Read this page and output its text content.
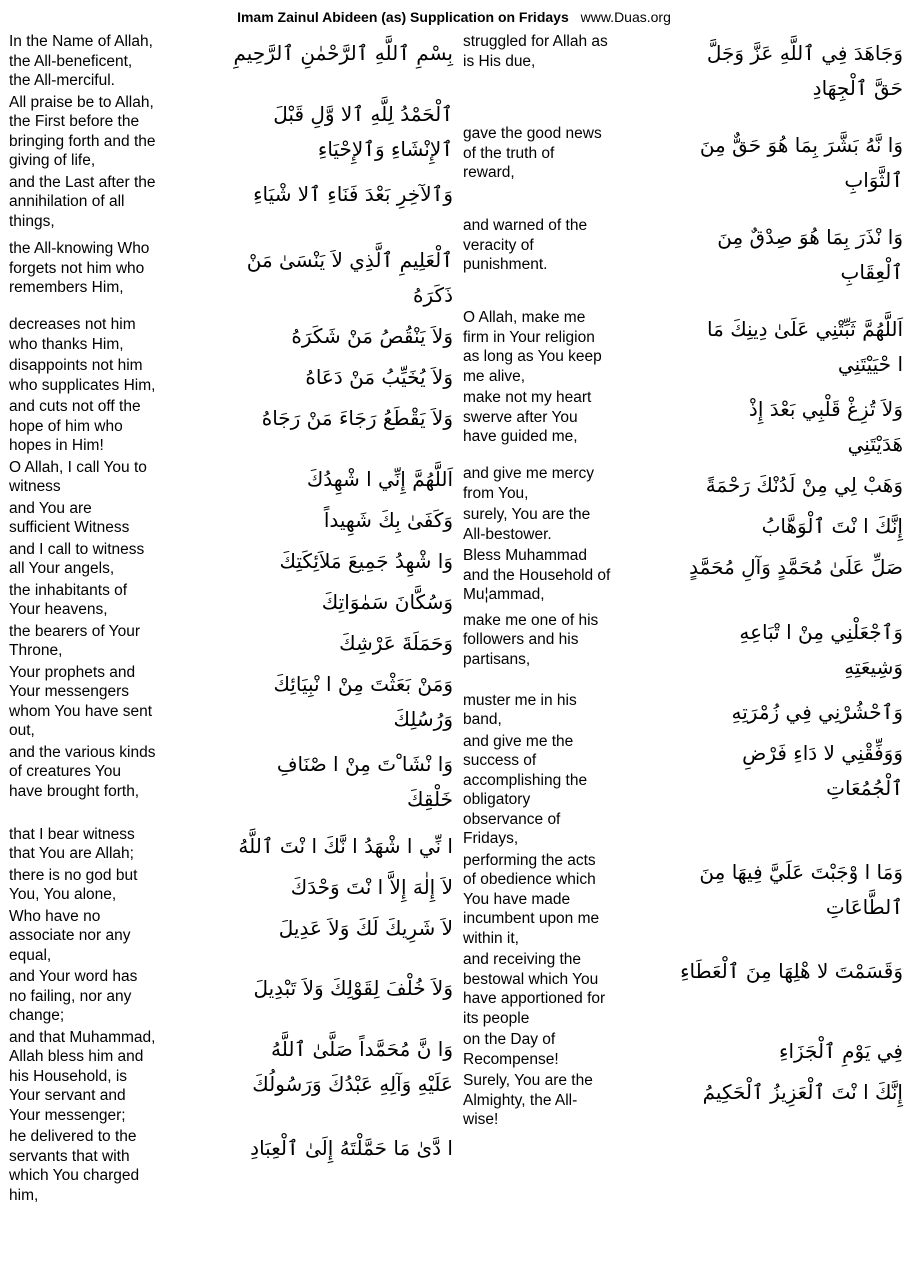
Imam Zainul Abideen (as) Supplication on Fridays www.Duas.org
In the Name of Allah,
the All-beneficent,
the All-merciful.
بِسْمِ ٱللَّهِ ٱلرَّحْمٰنِ ٱلرَّحِيمِ
All praise be to Allah,
the First before the
bringing forth and the
giving of life,
ٱلْحَمْدُ لِلَّهِ ٱلا وَّلِ قَبْلَ
ٱلإِنْشَاءِ وَٱلإِحْيَاءِ
and the Last after the
annihilation of all
things,
وَٱلآخِرِ بَعْدَ فَنَاءِ ٱلا شْيَاءِ
the All-knowing Who
forgets not him who
remembers Him,
ٱلْعَلِيمِ ٱلَّذِي لاَ يَنْسَىٰ مَنْ
ذَكَرَهُ
decreases not him
who thanks Him,	وَلاَ يَنْقُصُ مَنْ شَكَرَهُ
disappoints not him
who supplicates Him,	وَلاَ يُخَيِّبُ مَنْ دَعَاهُ
and cuts not off the
hope of him who
hopes in Him!
وَلاَ يَقْطَعُ رَجَاءَ مَنْ رَجَاهُ
O Allah, I call You to
witness	اَللَّهُمَّ إِنِّي ا شْهِدُكَ
and You are
sufficient Witness	وَكَفَىٰ بِكَ شَهِيداً
and I call to witness
all Your angels,	وَا شْهِدُ جَمِيعَ مَلاَئِكَتِكَ
the inhabitants of
Your heavens,	وَسُكَّانَ سَمٰوَاتِكَ
the bearers of Your
Throne,	وَحَمَلَةَ عَرْشِكَ
Your prophets and
Your messengers
whom You have sent
out,
وَمَنْ بَعَثْتَ مِنْ ا نْبِيَائِكَ
وَرُسُلِكَ
and the various kinds
of creatures You
have brought forth,
وَا نْشَا ْتَ مِنْ ا صْنَافِ
خَلْقِكَ
that I bear witness
that You are Allah;	ا نِّي ا شْهَدُ ا نَّكَ ا نْتَ ٱللَّهُ
there is no god but
You, You alone,	لاَ إِلٰهَ إِلاَّ ا نْتَ وَحْدَكَ
Who have no
associate nor any
equal,
لاَ شَرِيكَ لَكَ وَلاَ عَدِيلَ
and Your word has
no failing, nor any
change;
وَلاَ خُلْفَ لِقَوْلِكَ وَلاَ تَبْدِيلَ
and that Muhammad,
Allah bless him and
his Household, is
Your servant and
Your messenger;
وَا نَّ مُحَمَّداً صَلَّىٰ ٱللَّهُ
عَلَيْهِ وَآلِهِ عَبْدُكَ وَرَسُولُكَ
he delivered to the
servants that with
which You charged
him,
ا دَّىٰ مَا حَمَّلْتَهُ إِلَىٰ ٱلْعِبَادِ
struggled for Allah as
is His due,	وَجَاهَدَ فِي ٱللَّهِ عَزَّ وَجَلَّ
حَقَّ ٱلْجِهَادِ
gave the good news
of the truth of
reward,
وَا نَّهُ بَشَّرَ بِمَا هُوَ حَقٌّ مِنَ
ٱلثَّوَابِ
and warned of the
veracity of
punishment.
وَا نْذَرَ بِمَا هُوَ صِدْقٌ مِنَ
ٱلْعِقَابِ
O Allah, make me
firm in Your religion
as long as You keep
me alive,
اَللَّهُمَّ ثَبِّتْنِي عَلَىٰ دِينِكَ مَا
ا حْيَيْتَنِي
make not my heart
swerve after You
have guided me,
وَلاَ تُزِغْ قَلْبِي بَعْدَ إِذْ
هَدَيْتَنِي
and give me mercy
from You,	وَهَبْ لِي مِنْ لَدُنْكَ رَحْمَةً
surely, You are the
All-bestower.	إِنَّكَ ا نْتَ ٱلْوَهَّابُ
Bless Muhammad
and the Household of
Mu¦ammad,
صَلِّ عَلَىٰ مُحَمَّدٍ وَآلِ مُحَمَّدٍ
make me one of his
followers and his
partisans,
وَٱجْعَلْنِي مِنْ ا تْبَاعِهِ
وَشِيعَتِهِ
muster me in his
band,	وَٱحْشُرْنِي فِي زُمْرَتِهِ
and give me the
success of
accomplishing the
obligatory
observance of
Fridays,
وَوَفِّقْنِي لا دَاءِ فَرْضِ
ٱلْجُمُعَاتِ
performing the acts
of obedience which
You have made
incumbent upon me
within it,
وَمَا ا وْجَبْتَ عَلَيَّ فِيهَا مِنَ
ٱلطَّاعَاتِ
and receiving the
bestowal which You
have apportioned for
its people
وَقَسَمْتَ لا هْلِهَا مِنَ ٱلْعَطَاءِ
on the Day of
Recompense!	فِي يَوْمِ ٱلْجَزَاءِ
Surely, You are the
Almighty, the All-
wise!
إِنَّكَ ا نْتَ ٱلْعَزِيزُ ٱلْحَكِيمُ
